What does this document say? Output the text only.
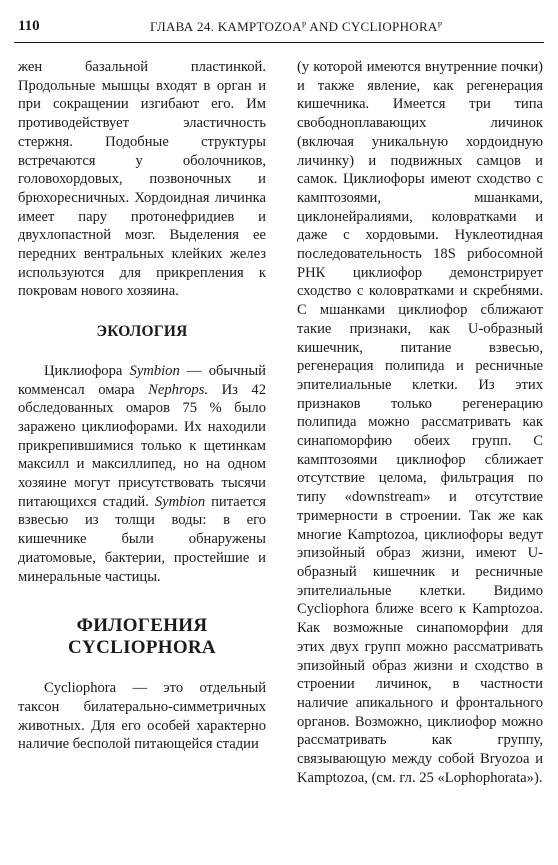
110	ГЛАВА 24. KAMPTOZOAᴾ AND CYCLIOPHORAᴾ

жен базальной пластинкой. Продольные мышцы входят в орган и при сокращении изгибают его. Им противодействует эластичность стержня. Подобные структуры встречаются у оболочников, головохордовых, позвоночных и брюхоресничных. Хордоидная личинка имеет пару протонефридиев и двухлопастной мозг. Выделения ее передних вентральных клейких желез используются для прикрепления к покровам нового хозяина.

ЭКОЛОГИЯ

Циклиофора Symbion — обычный комменсал омара Nephrops. Из 42 обследованных омаров 75 % было заражено циклиофорами. Их находили прикрепившимися только к щетинкам максилл и максиллипед, но на одном хозяине могут присутствовать тысячи питающихся стадий. Symbion питается взвесью из толщи воды: в его кишечнике были обнаружены диатомовые, бактерии, простейшие и минеральные частицы.

ФИЛОГЕНИЯ
CYCLIOPHORA

Cycliophora — это отдельный таксон билатерально-симметричных животных. Для его особей характерно наличие бесполой питающейся стадии

(у которой имеются внутренние почки) и также явление, как регенерация кишечника. Имеется три типа свободноплавающих личинок (включая уникальную хордоидную личинку) и подвижных самцов и самок. Циклиофоры имеют сходство с камптозоями, мшанками, циклонейралиями, коловратками и даже с хордовыми. Нуклеотидная последовательность 18S рибосомной РНК циклиофор демонстрирует сходство с коловратками и скребнями. С мшанками циклиофор сближают такие признаки, как U-образный кишечник, питание взвесью, регенерация полипида и ресничные эпителиальные клетки. Из этих признаков только регенерацию полипида можно рассматривать как синапоморфию обеих групп. С камптозоями циклиофор сближает отсутствие целома, фильтрация по типу «downstream» и отсутствие тримерности в строении. Так же как многие Kamptozoa, циклиофоры ведут эпизойный образ жизни, имеют U-образный кишечник и ресничные эпителиальные клетки. Видимо Cycliophora ближе всего к Kamptozoa. Как возможные синапоморфии для этих двух групп можно рассматривать эпизойный образ жизни и сходство в строении личинок, в частности наличие апикального и фронтального органов. Возможно, циклиофор можно рассматривать как группу, связывающую между собой Bryozoa и Kamptozoa, (см. гл. 25 «Lophophorata»).
